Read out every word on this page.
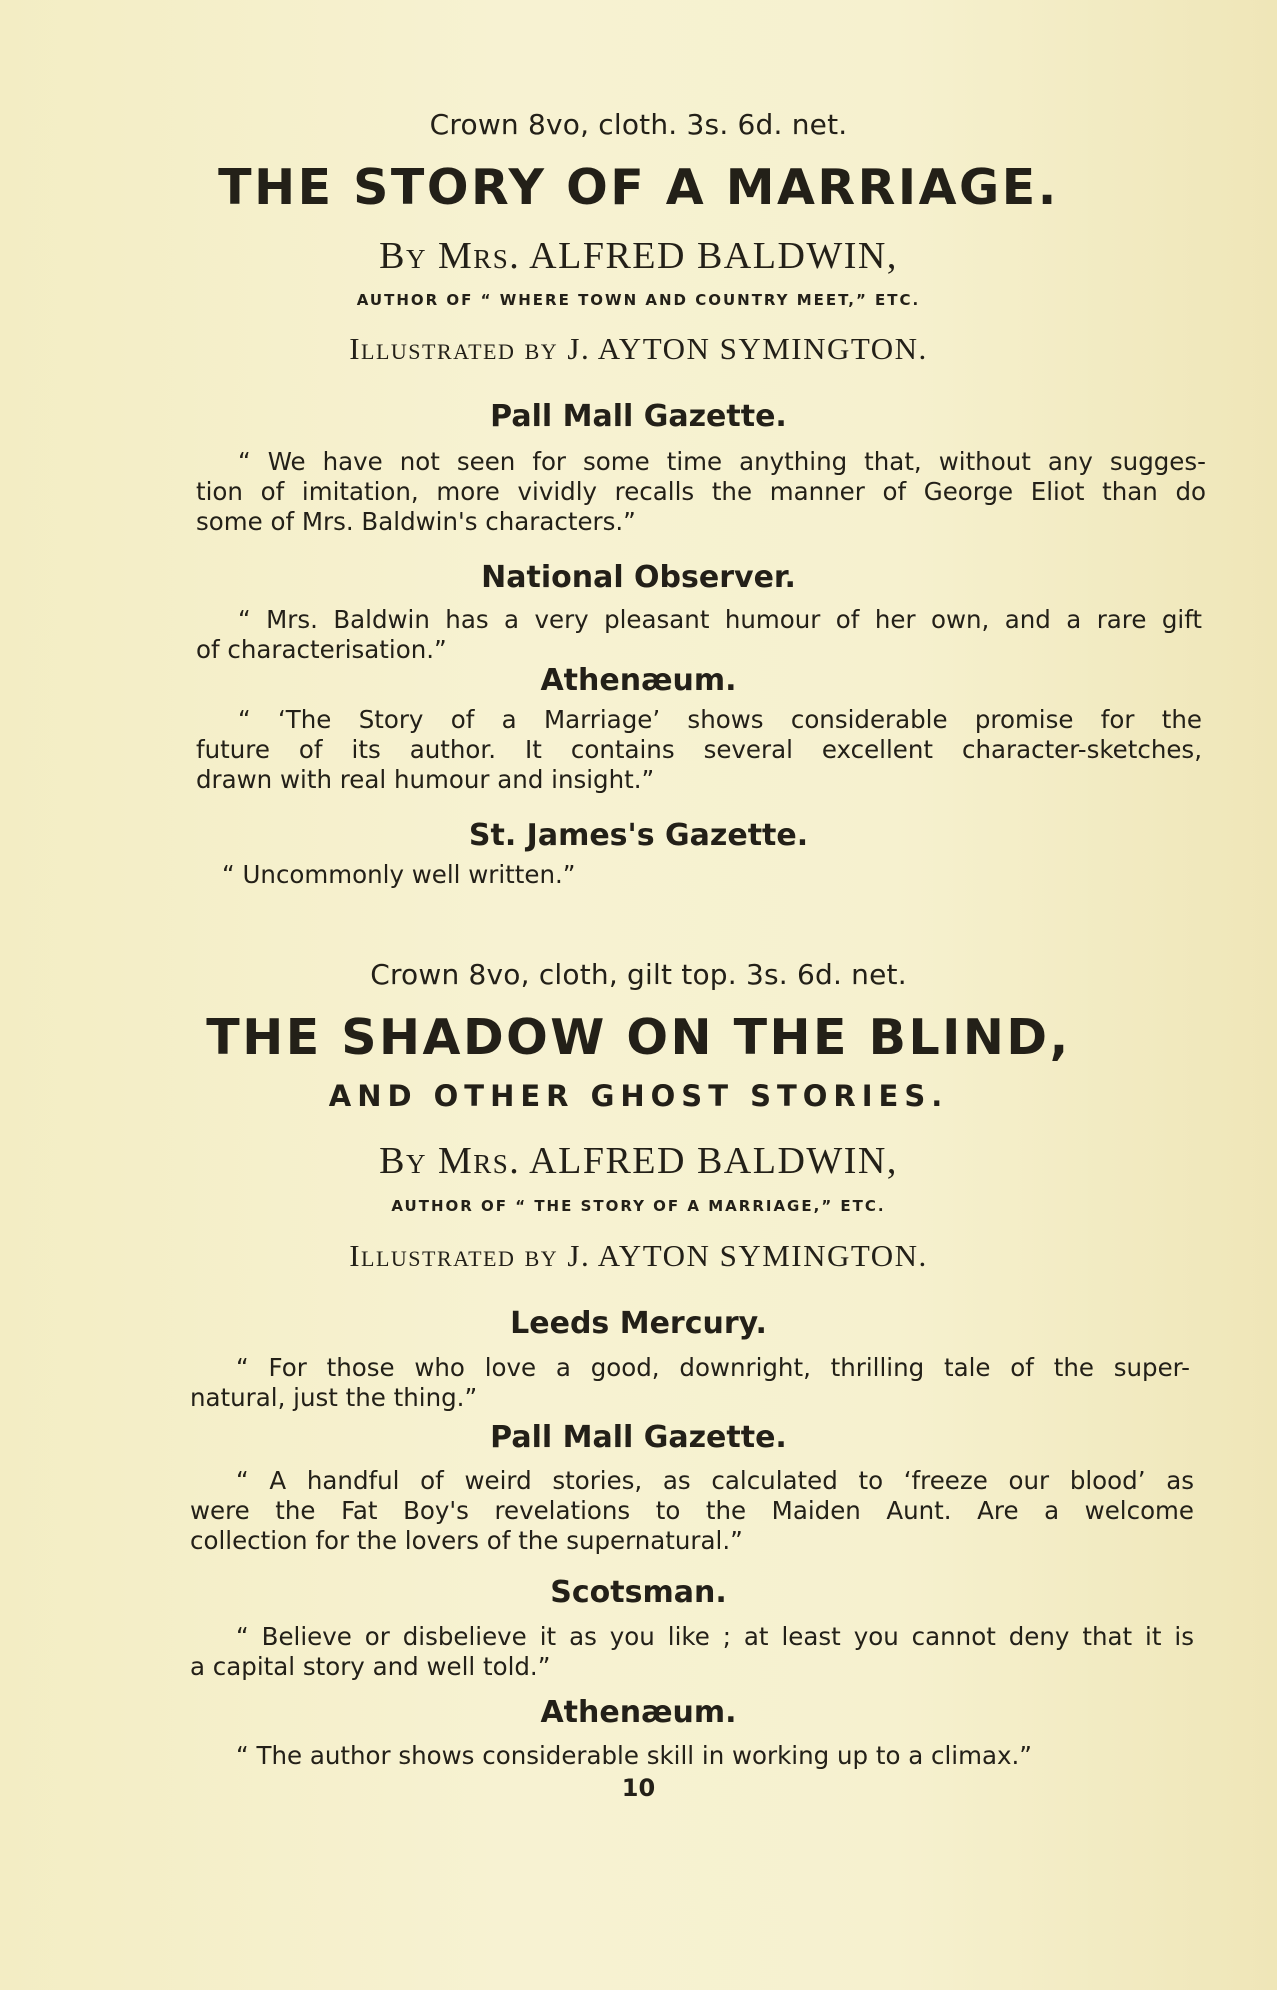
Crown 8vo, cloth. 3s. 6d. net.
THE STORY OF A MARRIAGE.
By Mrs. ALFRED BALDWIN,
AUTHOR OF “ WHERE TOWN AND COUNTRY MEET,” ETC.
Illustrated by J. AYTON SYMINGTON.
Pall Mall Gazette.
“ We have not seen for some time anything that, without any sugges-
tion of imitation, more vividly recalls the manner of George Eliot than do
some of Mrs. Baldwin's characters.”
National Observer.
“ Mrs. Baldwin has a very pleasant humour of her own, and a rare gift
of characterisation.”
Athenæum.
“ ‘The Story of a Marriage’ shows considerable promise for the
future of its author. It contains several excellent character-sketches,
drawn with real humour and insight.”
St. James's Gazette.
“ Uncommonly well written.”
Crown 8vo, cloth, gilt top. 3s. 6d. net.
THE SHADOW ON THE BLIND,
AND OTHER GHOST STORIES.
By Mrs. ALFRED BALDWIN,
AUTHOR OF “ THE STORY OF A MARRIAGE,” ETC.
Illustrated by J. AYTON SYMINGTON.
Leeds Mercury.
“ For those who love a good, downright, thrilling tale of the super-
natural, just the thing.”
Pall Mall Gazette.
“ A handful of weird stories, as calculated to ‘freeze our blood’ as
were the Fat Boy's revelations to the Maiden Aunt. Are a welcome
collection for the lovers of the supernatural.”
Scotsman.
“ Believe or disbelieve it as you like ; at least you cannot deny that it is
a capital story and well told.”
Athenæum.
“ The author shows considerable skill in working up to a climax.”
10
